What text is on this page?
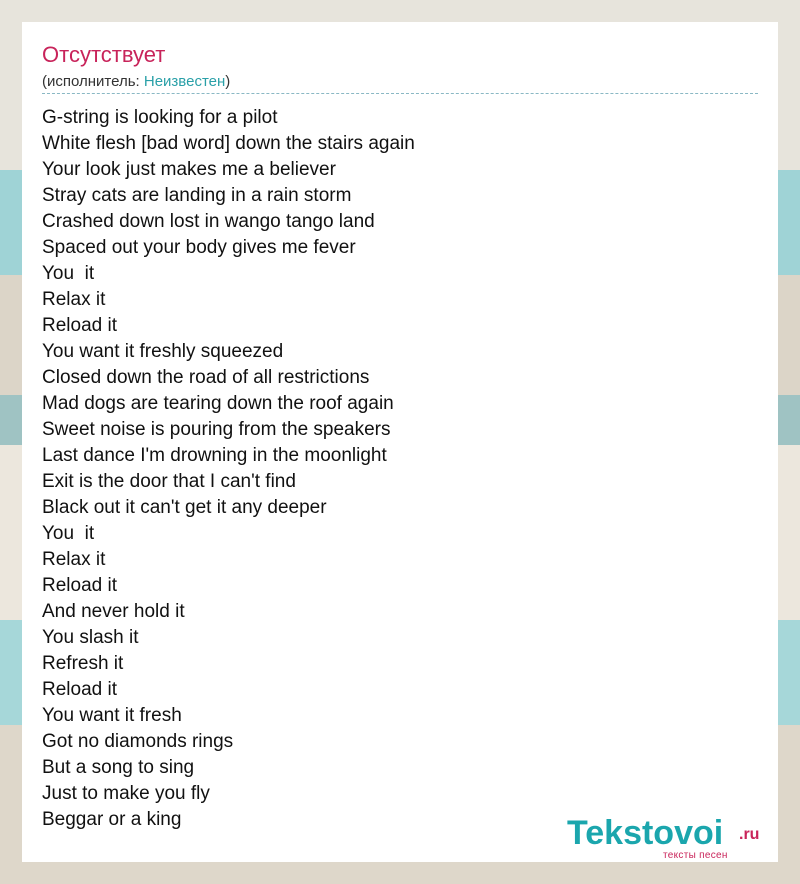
Отсутствует
(исполнитель: Неизвестен)
G-string is looking for a pilot
White flesh [bad word] down the stairs again
Your look just makes me a believer
Stray cats are landing in a rain storm
Crashed down lost in wango tango land
Spaced out your body gives me fever
You  it
Relax it
Reload it
You want it freshly squeezed
Closed down the road of all restrictions
Mad dogs are tearing down the roof again
Sweet noise is pouring from the speakers
Last dance I'm drowning in the moonlight
Exit is the door that I can't find
Black out it can't get it any deeper
You  it
Relax it
Reload it
And never hold it
You slash it
Refresh it
Reload it
You want it fresh
Got no diamonds rings
But a song to sing
Just to make you fly
Beggar or a king	Tekstovoi .ru
тексты песен
